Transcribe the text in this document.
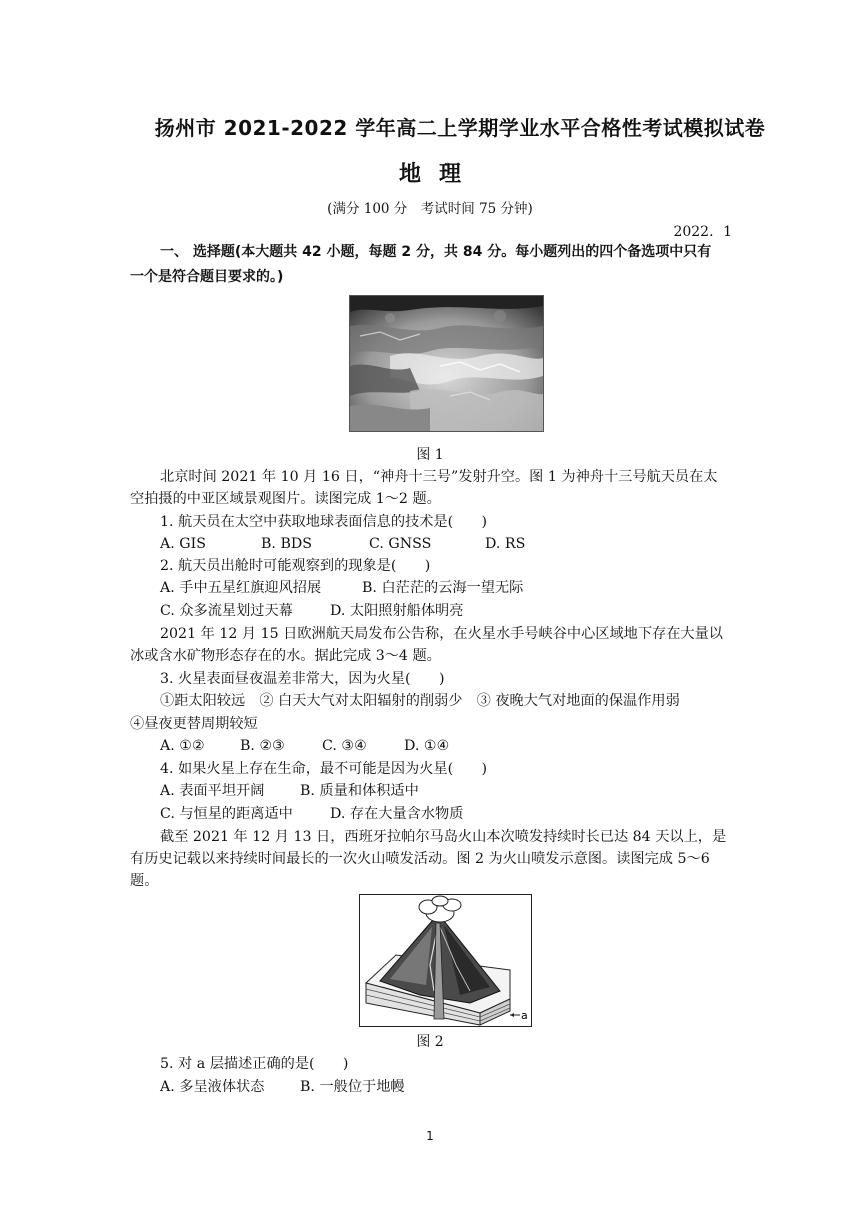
扬州市 2021-2022 学年高二上学期学业水平合格性考试模拟试卷
地理
(满分 100 分　考试时间 75 分钟)
2022．1
一、 选择题(本大题共 42 小题，每题 2 分，共 84 分。每小题列出的四个备选项中只有
一个是符合题目要求的。)
图 1
北京时间 2021 年 10 月 16 日，“神舟十三号”发射升空。图 1 为神舟十三号航天员在太
空拍摄的中亚区域景观图片。读图完成 1～2 题。
1. 航天员在太空中获取地球表面信息的技术是(　　)
A. GIS	B. BDS	C. GNSS	D. RS
2. 航天员出舱时可能观察到的现象是(　　)
A. 手中五星红旗迎风招展	B. 白茫茫的云海一望无际
C. 众多流星划过天幕	D. 太阳照射船体明亮
2021 年 12 月 15 日欧洲航天局发布公告称，在火星水手号峡谷中心区域地下存在大量以
冰或含水矿物形态存在的水。据此完成 3～4 题。
3. 火星表面昼夜温差非常大，因为火星(　　)
①距太阳较远　② 白天大气对太阳辐射的削弱少　③ 夜晚大气对地面的保温作用弱
④昼夜更替周期较短
A. ①② B. ②③	C. ③④	D. ①④
4. 如果火星上存在生命，最不可能是因为火星(　　)
A. 表面平坦开阔	B. 质量和体积适中
C. 与恒星的距离适中	D. 存在大量含水物质
截至 2021 年 12 月 13 日，西班牙拉帕尔马岛火山本次喷发持续时长已达 84 天以上，是
有历史记载以来持续时间最长的一次火山喷发活动。图 2 为火山喷发示意图。读图完成 5～6
题。
a
图 2
5. 对 a 层描述正确的是(　　)
A. 多呈液体状态	B. 一般位于地幔
1
